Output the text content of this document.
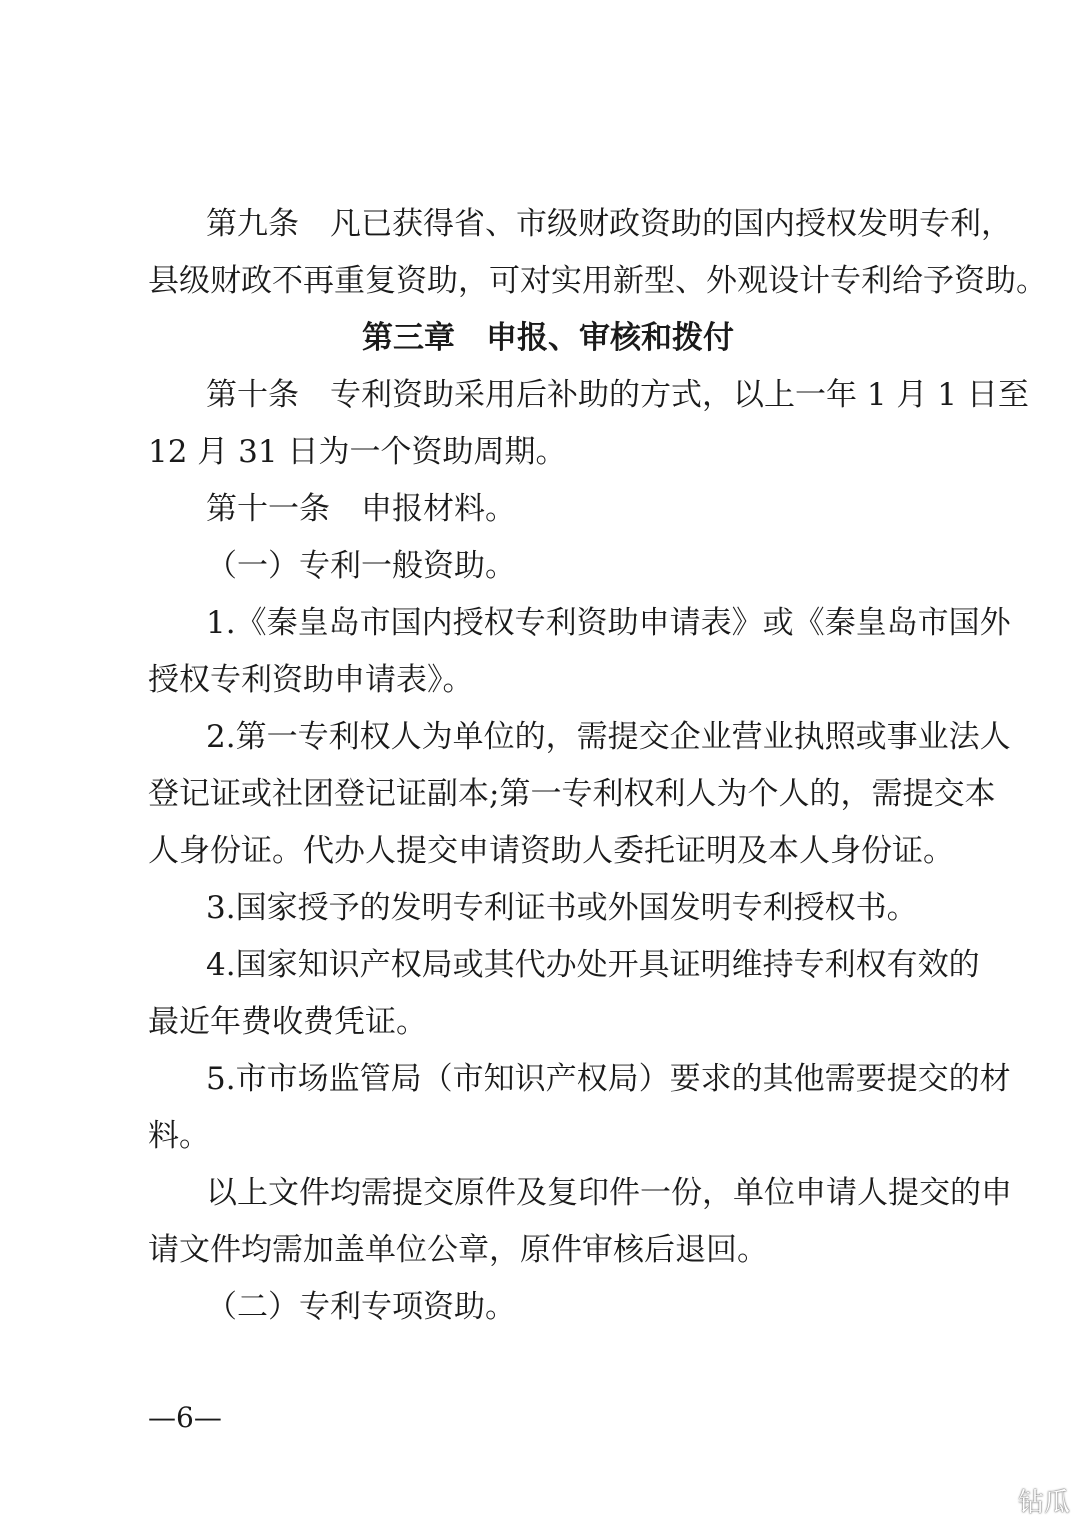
第九条　凡已获得省、市级财政资助的国内授权发明专利，
县级财政不再重复资助，可对实用新型、外观设计专利给予资助。
第三章　申报、审核和拨付
第十条　专利资助采用后补助的方式，以上一年 1 月 1 日至
12 月 31 日为一个资助周期。
第十一条　申报材料。
（一）专利一般资助。
1.《秦皇岛市国内授权专利资助申请表》或《秦皇岛市国外
授权专利资助申请表》。
2.第一专利权人为单位的，需提交企业营业执照或事业法人
登记证或社团登记证副本;第一专利权利人为个人的，需提交本
人身份证。代办人提交申请资助人委托证明及本人身份证。
3.国家授予的发明专利证书或外国发明专利授权书。
4.国家知识产权局或其代办处开具证明维持专利权有效的
最近年费收费凭证。
5.市市场监管局（市知识产权局）要求的其他需要提交的材
料。
以上文件均需提交原件及复印件一份，单位申请人提交的申
请文件均需加盖单位公章，原件审核后退回。
（二）专利专项资助。
—6—
钻瓜
